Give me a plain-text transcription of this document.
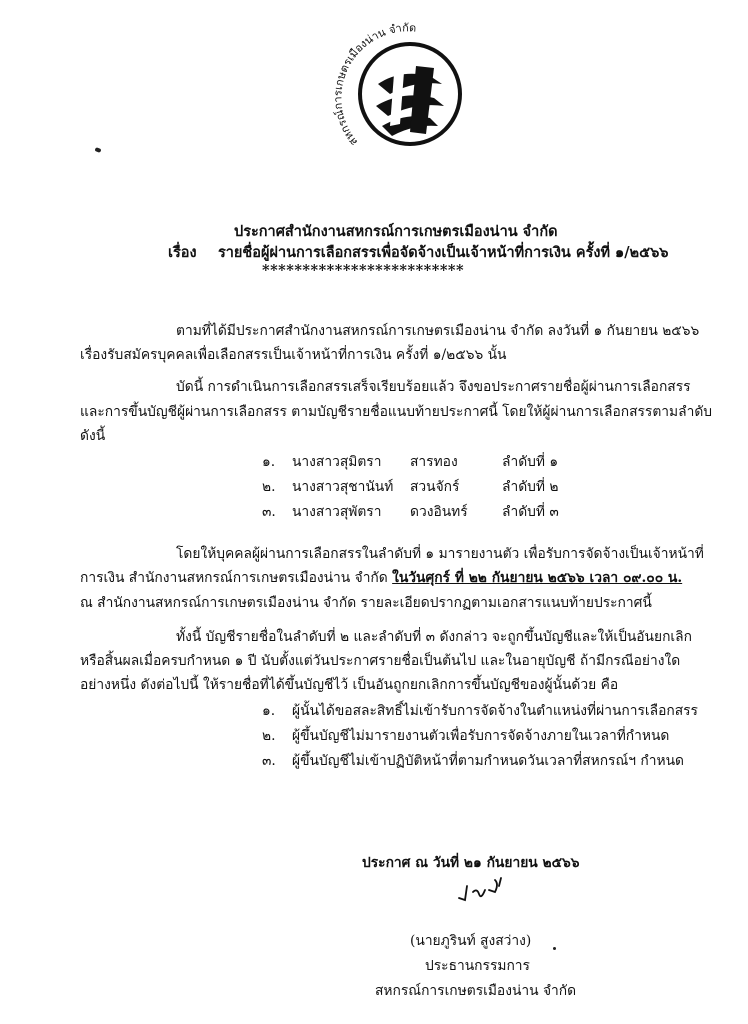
สหกรณ์การเกษตรเมืองน่าน จำกัด
ประกาศสำนักงานสหกรณ์การเกษตรเมืองน่าน จำกัด
เรื่อง รายชื่อผู้ผ่านการเลือกสรรเพื่อจัดจ้างเป็นเจ้าหน้าที่การเงิน ครั้งที่ ๑/๒๕๖๖
*************************
ตามที่ได้มีประกาศสำนักงานสหกรณ์การเกษตรเมืองน่าน จำกัด ลงวันที่ ๑ กันยายน ๒๕๖๖
เรื่องรับสมัครบุคคลเพื่อเลือกสรรเป็นเจ้าหน้าที่การเงิน ครั้งที่ ๑/๒๕๖๖ นั้น
บัดนี้ การดำเนินการเลือกสรรเสร็จเรียบร้อยแล้ว จึงขอประกาศรายชื่อผู้ผ่านการเลือกสรร
และการขึ้นบัญชีผู้ผ่านการเลือกสรร ตามบัญชีรายชื่อแนบท้ายประกาศนี้ โดยให้ผู้ผ่านการเลือกสรรตามลำดับ
ดังนี้
๑. นางสาวสุมิตรา สารทอง	ลำดับที่ ๑
๒. นางสาวสุชานันท์ สวนจักร์	ลำดับที่ ๒
๓. นางสาวสุพัตรา ดวงอินทร์ ลำดับที่ ๓
โดยให้บุคคลผู้ผ่านการเลือกสรรในลำดับที่ ๑ มารายงานตัว เพื่อรับการจัดจ้างเป็นเจ้าหน้าที่
การเงิน สำนักงานสหกรณ์การเกษตรเมืองน่าน จำกัด ในวันศุกร์ ที่ ๒๒ กันยายน ๒๕๖๖ เวลา ๐๙.๐๐ น.
ณ สำนักงานสหกรณ์การเกษตรเมืองน่าน จำกัด รายละเอียดปรากฏตามเอกสารแนบท้ายประกาศนี้
ทั้งนี้ บัญชีรายชื่อในลำดับที่ ๒ และลำดับที่ ๓ ดังกล่าว จะถูกขึ้นบัญชีและให้เป็นอันยกเลิก
หรือสิ้นผลเมื่อครบกำหนด ๑ ปี นับตั้งแต่วันประกาศรายชื่อเป็นต้นไป และในอายุบัญชี ถ้ามีกรณีอย่างใด
อย่างหนึ่ง ดังต่อไปนี้ ให้รายชื่อที่ได้ขึ้นบัญชีไว้ เป็นอันถูกยกเลิกการขึ้นบัญชีของผู้นั้นด้วย คือ
๑. ผู้นั้นได้ขอสละสิทธิ์ไม่เข้ารับการจัดจ้างในตำแหน่งที่ผ่านการเลือกสรร
๒. ผู้ขึ้นบัญชีไม่มารายงานตัวเพื่อรับการจัดจ้างภายในเวลาที่กำหนด
๓. ผู้ขึ้นบัญชีไม่เข้าปฏิบัติหน้าที่ตามกำหนดวันเวลาที่สหกรณ์ฯ กำหนด
ประกาศ ณ วันที่ ๒๑ กันยายน ๒๕๖๖
(นายภูรินท์ สูงสว่าง)
ประธานกรรมการ
สหกรณ์การเกษตรเมืองน่าน จำกัด
